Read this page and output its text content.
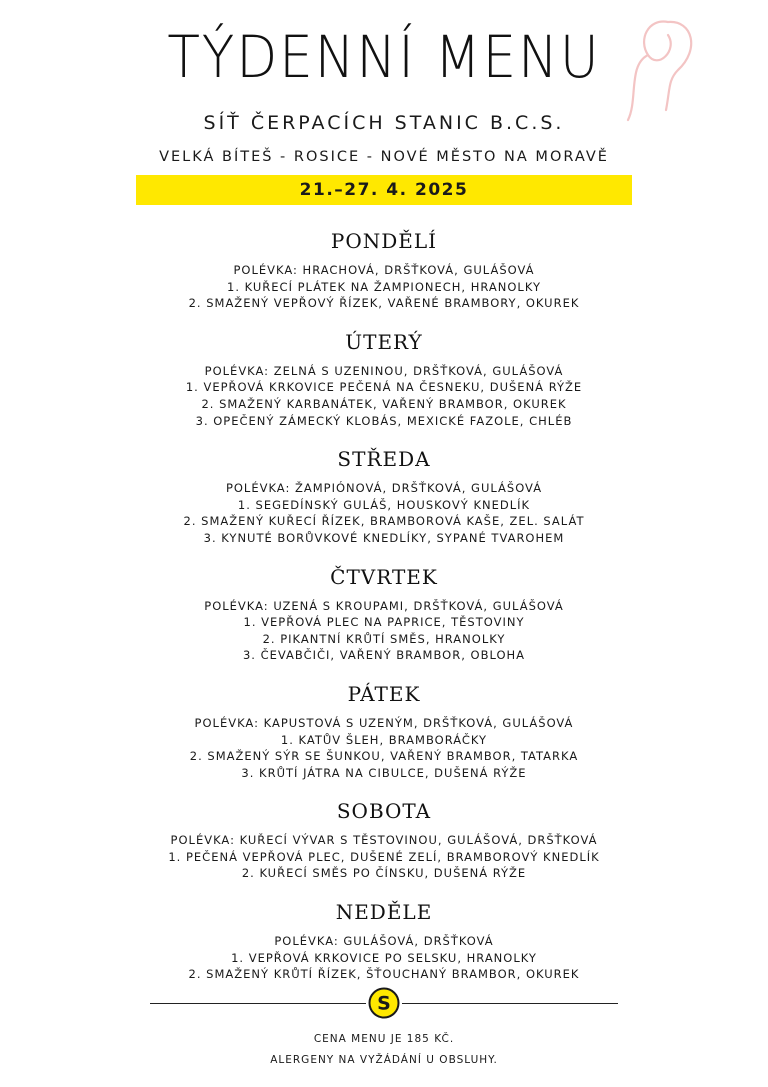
TÝDENNÍ MENU
SÍŤ ČERPACÍCH STANIC B.C.S.
VELKÁ BÍTEŠ - ROSICE - NOVÉ MĚSTO NA MORAVĚ
21.–27. 4. 2025
PONDĚLÍ
POLÉVKA: HRACHOVÁ, DRŠŤKOVÁ, GULÁŠOVÁ
1. KUŘECÍ PLÁTEK NA ŽAMPIONECH, HRANOLKY
2. SMAŽENÝ VEPŘOVÝ ŘÍZEK, VAŘENÉ BRAMBORY, OKUREK
ÚTERÝ
POLÉVKA: ZELNÁ S UZENINOU, DRŠŤKOVÁ, GULÁŠOVÁ
1. VEPŘOVÁ KRKOVICE PEČENÁ NA ČESNEKU, DUŠENÁ RÝŽE
2. SMAŽENÝ KARBANÁTEK, VAŘENÝ BRAMBOR, OKUREK
3. OPEČENÝ ZÁMECKÝ KLOBÁS, MEXICKÉ FAZOLE, CHLÉB
STŘEDA
POLÉVKA: ŽAMPIÓNOVÁ, DRŠŤKOVÁ, GULÁŠOVÁ
1. SEGEDÍNSKÝ GULÁŠ, HOUSKOVÝ KNEDLÍK
2. SMAŽENÝ KUŘECÍ ŘÍZEK, BRAMBOROVÁ KAŠE, ZEL. SALÁT
3. KYNUTÉ BORŮVKOVÉ KNEDLÍKY, SYPANÉ TVAROHEM
ČTVRTEK
POLÉVKA: UZENÁ S KROUPAMI, DRŠŤKOVÁ, GULÁŠOVÁ
1. VEPŘOVÁ PLEC NA PAPRICE, TĚSTOVINY
2. PIKANTNÍ KRŮTÍ SMĚS, HRANOLKY
3. ČEVABČIČI, VAŘENÝ BRAMBOR, OBLOHA
PÁTEK
POLÉVKA: KAPUSTOVÁ S UZENÝM, DRŠŤKOVÁ, GULÁŠOVÁ
1. KATŮV ŠLEH, BRAMBORÁČKY
2. SMAŽENÝ SÝR SE ŠUNKOU, VAŘENÝ BRAMBOR, TATARKA
3. KRŮTÍ JÁTRA NA CIBULCE, DUŠENÁ RÝŽE
SOBOTA
POLÉVKA: KUŘECÍ VÝVAR S TĚSTOVINOU, GULÁŠOVÁ, DRŠŤKOVÁ
1. PEČENÁ VEPŘOVÁ PLEC, DUŠENÉ ZELÍ, BRAMBOROVÝ KNEDLÍK
2. KUŘECÍ SMĚS PO ČÍNSKU, DUŠENÁ RÝŽE
NEDĚLE
POLÉVKA: GULÁŠOVÁ, DRŠŤKOVÁ
1. VEPŘOVÁ KRKOVICE PO SELSKU, HRANOLKY
2. SMAŽENÝ KRŮTÍ ŘÍZEK, ŠŤOUCHANÝ BRAMBOR, OKUREK
S
CENA MENU JE 185 KČ.
ALERGENY NA VYŽÁDÁNÍ U OBSLUHY.
